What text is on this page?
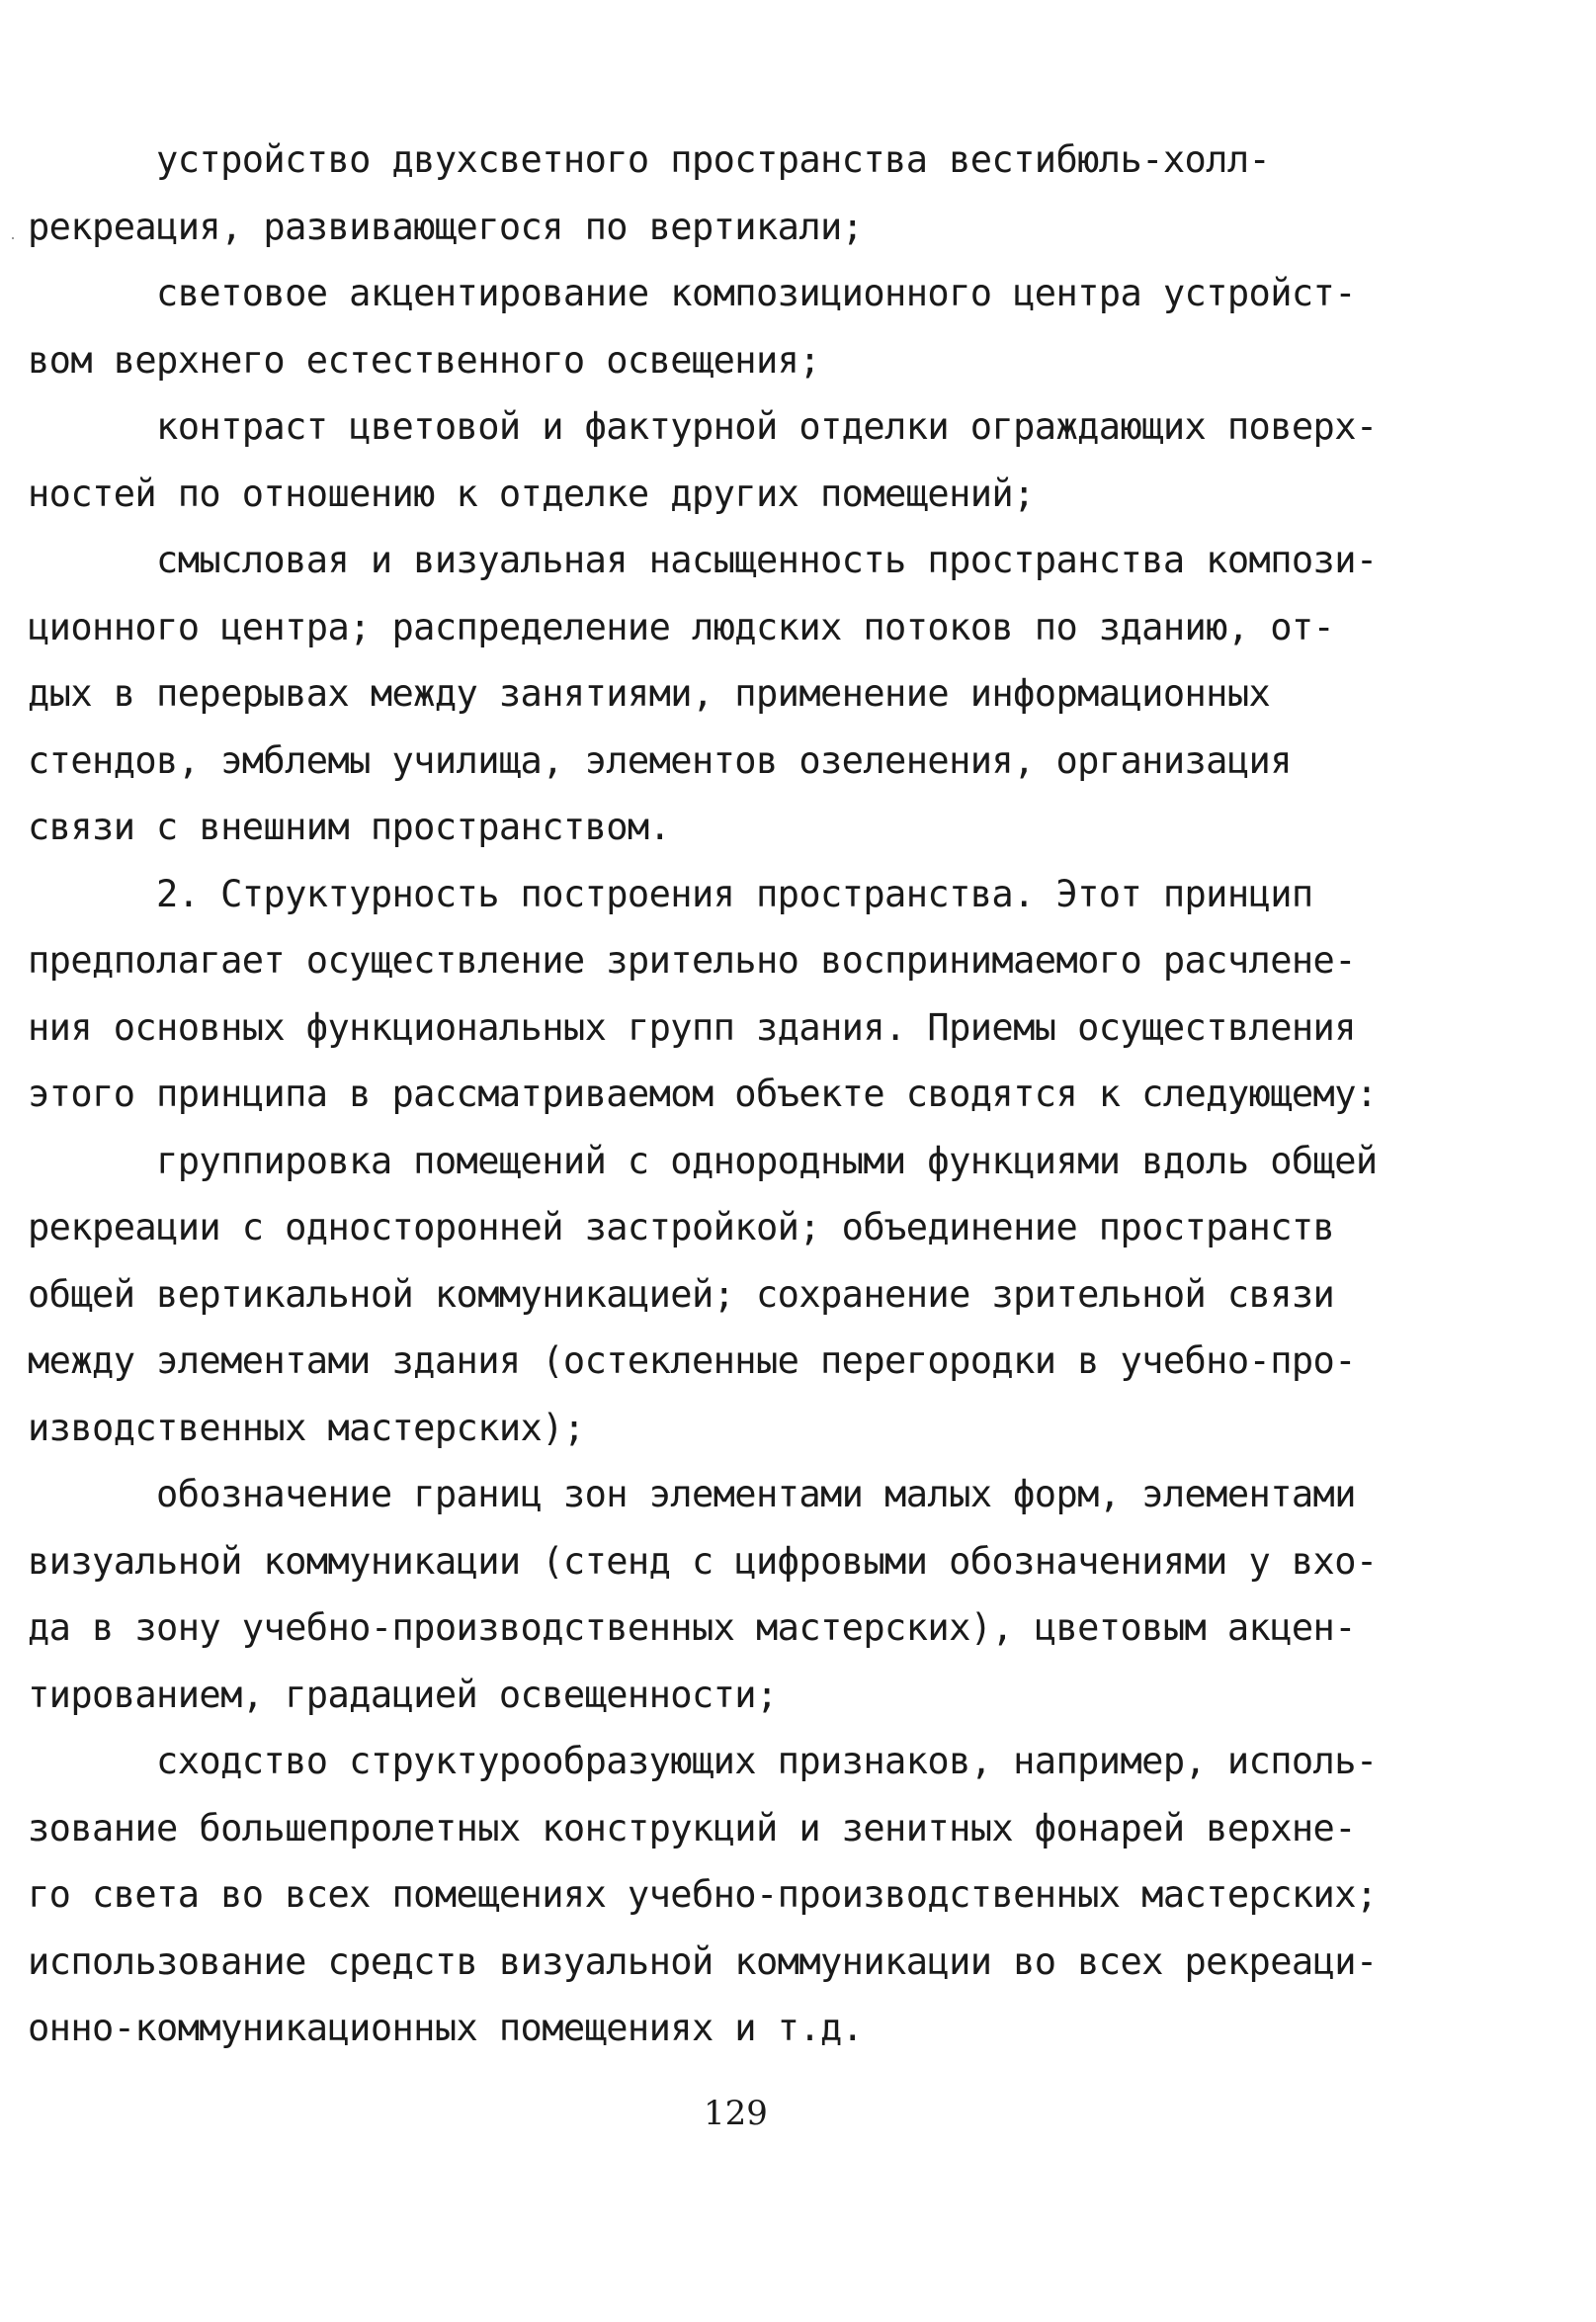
устройство двухсветного пространства вестибюль-холл-
рекреация, развивающегося по вертикали;
световое акцентирование композиционного центра устройст-
вом верхнего естественного освещения;
контраст цветовой и фактурной отделки ограждающих поверх-
ностей по отношению к отделке других помещений;
смысловая и визуальная насыщенность пространства компози-
ционного центра; распределение людских потоков по зданию, от-
дых в перерывах между занятиями, применение информационных
стендов, эмблемы училища, элементов озеленения, организация
связи с внешним пространством.
2. Структурность построения пространства. Этот принцип
предполагает осуществление зрительно воспринимаемого расчлене-
ния основных функциональных групп здания. Приемы осуществления
этого принципа в рассматриваемом объекте сводятся к следующему:
группировка помещений с однородными функциями вдоль общей
рекреации с односторонней застройкой; объединение пространств
общей вертикальной коммуникацией; сохранение зрительной связи
между элементами здания (остекленные перегородки в учебно-про-
изводственных мастерских);
обозначение границ зон элементами малых форм, элементами
визуальной коммуникации (стенд с цифровыми обозначениями у вхо-
да в зону учебно-производственных мастерских), цветовым акцен-
тированием, градацией освещенности;
сходство структурообразующих признаков, например, исполь-
зование большепролетных конструкций и зенитных фонарей верхне-
го света во всех помещениях учебно-производственных мастерских;
использование средств визуальной коммуникации во всех рекреаци-
онно-коммуникационных помещениях и т.д.
129
